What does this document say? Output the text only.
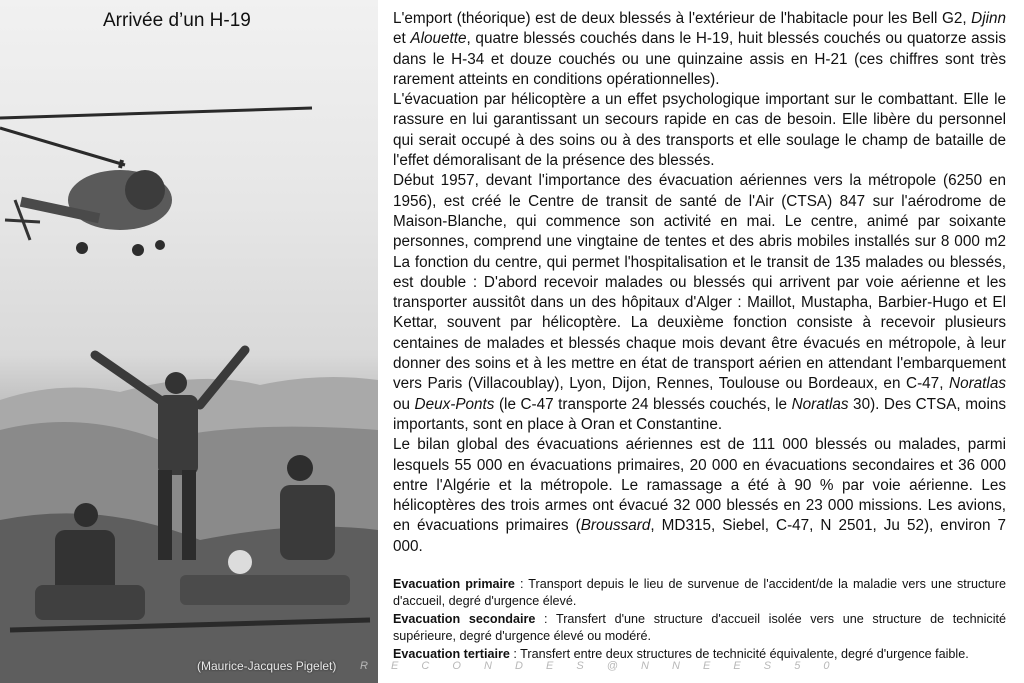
Arrivée d’un H-19
(Maurice-Jacques Pigelet) R E C O N D E S @ N N E E S 5 0

L'emport (théorique) est de deux blessés à l'extérieur de l'habitacle pour les Bell G2, Djinn et Alouette, quatre blessés couchés dans le H-19, huit blessés couchés ou quatorze assis dans le H-34 et douze couchés ou une quinzaine assis en H-21 (ces chiffres sont très rarement atteints en conditions opérationnelles).

L'évacuation par hélicoptère a un effet psychologique important sur le combattant. Elle le rassure en lui garantissant un secours rapide en cas de besoin. Elle libère du personnel qui serait occupé à des soins ou à des transports et elle soulage le champ de bataille de l'effet démoralisant de la présence des blessés.

Début 1957, devant l'importance des évacuation aériennes vers la métropole (6250 en 1956), est créé le Centre de transit de santé de l'Air (CTSA) 847 sur l'aérodrome de Maison-Blanche, qui commence son activité en mai. Le centre, animé par soixante personnes, comprend une vingtaine de tentes et des abris mobiles installés sur 8 000 m2 La fonction du centre, qui permet l'hospitalisation et le transit de 135 malades ou blessés, est double : D'abord recevoir malades ou blessés qui arrivent par voie aérienne et les transporter aussitôt dans un des hôpitaux d'Alger : Maillot, Mustapha, Barbier-Hugo et El Kettar, souvent par hélicoptère. La deuxième fonction consiste à recevoir plusieurs centaines de malades et blessés chaque mois devant être évacués en métropole, à leur donner des soins et à les mettre en état de transport aérien en attendant l'embarquement vers Paris (Villacoublay), Lyon, Dijon, Rennes, Toulouse ou Bordeaux, en C-47, Noratlas ou Deux-Ponts (le C-47 transporte 24 blessés couchés, le Noratlas 30). Des CTSA, moins importants, sont en place à Oran et Constantine.

Le bilan global des évacuations aériennes est de 111 000 blessés ou malades, parmi lesquels 55 000 en évacuations primaires, 20 000 en évacuations secondaires et 36 000 entre l'Algérie et la métropole. Le ramassage a été à 90 % par voie aérienne. Les hélicoptères des trois armes ont évacué 32 000 blessés en 23 000 missions. Les avions, en évacuations primaires (Broussard, MD315, Siebel, C-47, N 2501, Ju 52), environ 7 000.

Evacuation primaire : Transport depuis le lieu de survenue de l'accident/de la maladie vers une structure d'accueil, degré d'urgence élevé.

Evacuation secondaire : Transfert d'une structure d'accueil isolée vers une structure de technicité supérieure, degré d'urgence élevé ou modéré.

Evacuation tertiaire : Transfert entre deux structures de technicité équivalente, degré d'urgence faible.
